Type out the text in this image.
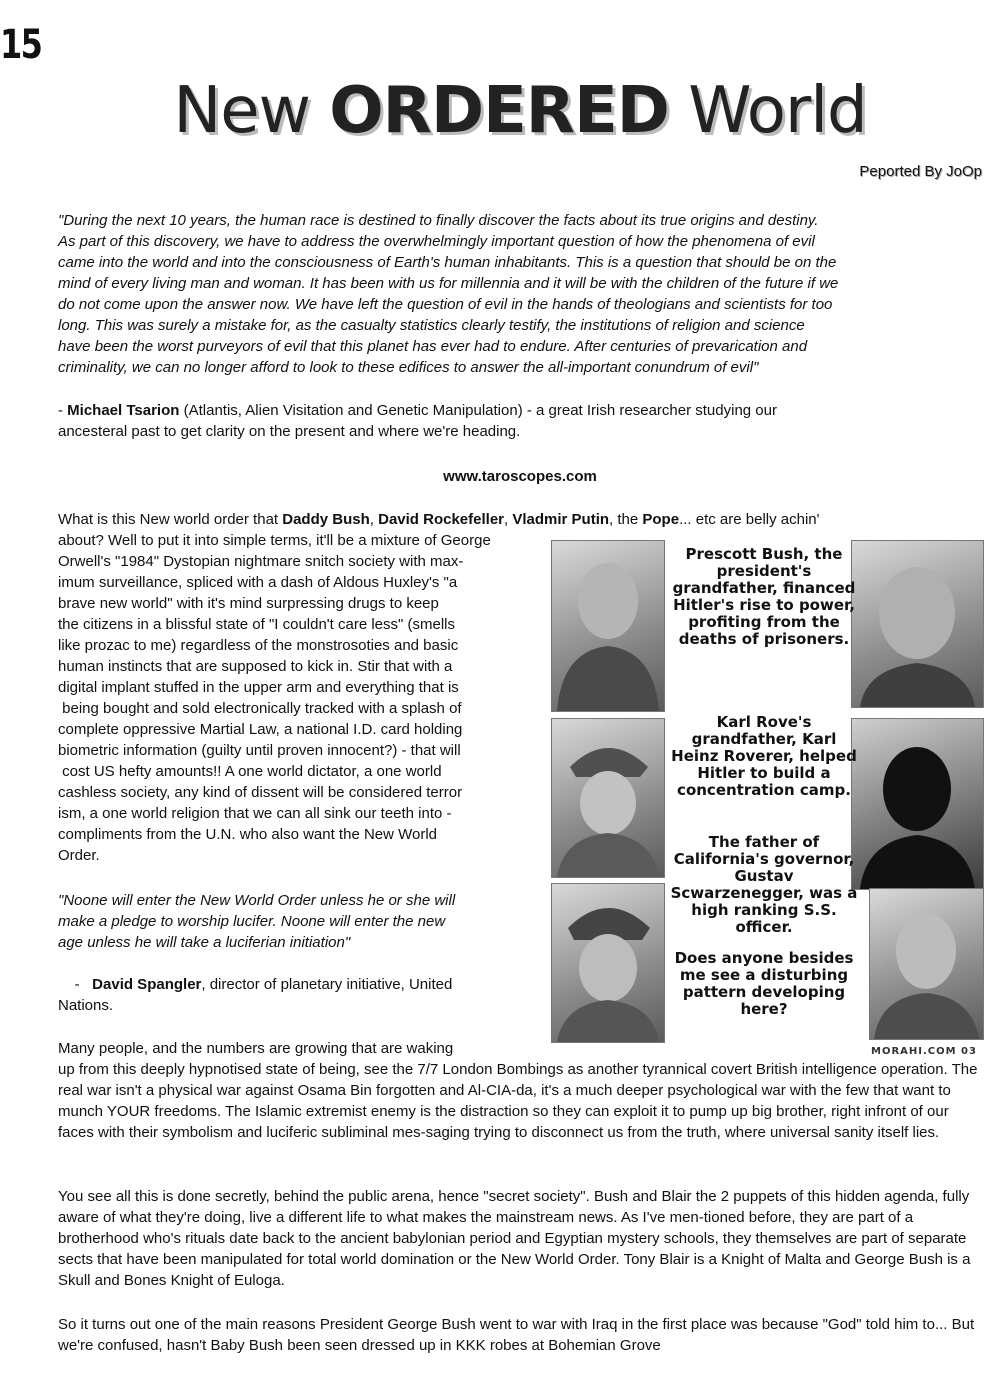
15
New ORDERED World
Peported By JoOp
"During the next 10 years, the human race is destined to finally discover the facts about its true origins and destiny.
As part of this discovery, we have to address the overwhelmingly important question of how the phenomena of evil
came into the world and into the consciousness of Earth's human inhabitants. This is a question that should be on the
mind of every living man and woman. It has been with us for millennia and it will be with the children of the future if we
do not come upon the answer now. We have left the question of evil in the hands of theologians and scientists for too
long. This was surely a mistake for, as the casualty statistics clearly testify, the institutions of religion and science
have been the worst purveyors of evil that this planet has ever had to endure. After centuries of prevarication and
criminality, we can no longer afford to look to these edifices to answer the all-important conundrum of evil"
- Michael Tsarion (Atlantis, Alien Visitation and Genetic Manipulation) - a great Irish researcher studying our
ancesteral past to get clarity on the present and where we're heading.
www.taroscopes.com
What is this New world order that Daddy Bush, David Rockefeller, Vladmir Putin, the Pope... etc are belly achin'
about? Well to put it into simple terms, it'll be a mixture of George
Orwell's "1984" Dystopian nightmare snitch society with max-
imum surveillance, spliced with a dash of Aldous Huxley's "a
brave new world" with it's mind surpressing drugs to keep
the citizens in a blissful state of "I couldn't care less" (smells
like prozac to me) regardless of the monstrosoties and basic
human instincts that are supposed to kick in. Stir that with a
digital implant stuffed in the upper arm and everything that is
being bought and sold electronically tracked with a splash of
complete oppressive Martial Law, a national I.D. card holding
biometric information (guilty until proven innocent?) - that will
cost US hefty amounts!! A one world dictator, a one world
cashless society, any kind of dissent will be considered terror
ism, a one world religion that we can all sink our teeth into -
compliments from the U.N. who also want the New World
Order.
"Noone will enter the New World Order unless he or she will
make a pledge to worship lucifer. Noone will enter the new
age unless he will take a luciferian initiation"
-   David Spangler, director of planetary initiative, United
Nations.
Many people, and the numbers are growing that are waking
up from this deeply hypnotised state of being, see the 7/7 London Bombings as another tyrannical covert British intelligence operation. The real war isn't a physical war against Osama Bin forgotten and Al-CIA-da, it's a much deeper psychological war with the few that want to munch YOUR freedoms. The Islamic extremist enemy is the distraction so they can exploit it to pump up big brother, right infront of our faces with their symbolism and luciferic subliminal mes-saging trying to disconnect us from the truth, where universal sanity itself lies.
You see all this is done secretly, behind the public arena, hence "secret society". Bush and Blair the 2 puppets of this hidden agenda, fully aware of what they're doing, live a different life to what makes the mainstream news. As I've men-tioned before, they are part of a brotherhood who's rituals date back to the ancient babylonian period and Egyptian mystery schools, they themselves are part of separate sects that have been manipulated for total world domination or the New World Order. Tony Blair is a Knight of Malta and George Bush is a Skull and Bones Knight of Euloga.
So it turns out one of the main reasons President George Bush went to war with Iraq in the first place was because "God" told him to... But we're confused, hasn't Baby Bush been seen dressed up in KKK robes at Bohemian Grove
Prescott Bush, the president's grandfather, financed Hitler's rise to power, profiting from the deaths of prisoners.
Karl Rove's grandfather, Karl Heinz Roverer, helped Hitler to build a concentration camp.
The father of California's governor, Gustav Scwarzenegger, was a high ranking S.S. officer.
Does anyone besides me see a disturbing pattern developing here?
MORAHI.COM 03
